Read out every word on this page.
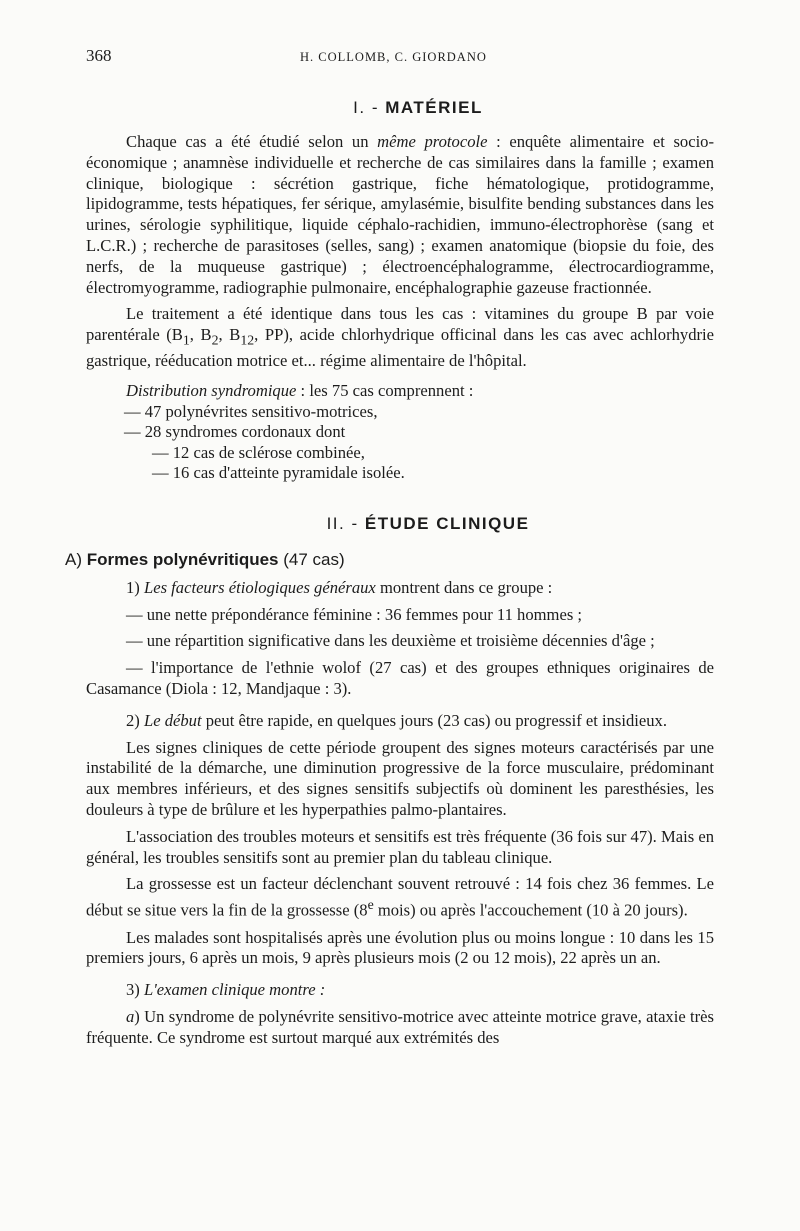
368	H. COLLOMB, C. GIORDANO
I. - MATÉRIEL

Chaque cas a été étudié selon un même protocole : enquête alimentaire et socio-économique ; anamnèse individuelle et recherche de cas similaires dans la famille ; examen clinique, biologique : sécrétion gastrique, fiche hématologique, protidogramme, lipidogramme, tests hépatiques, fer sérique, amylasémie, bisulfite bending substances dans les urines, sérologie syphilitique, liquide céphalo-rachidien, immuno-électrophorèse (sang et L.C.R.) ; recherche de parasitoses (selles, sang) ; examen anatomique (biopsie du foie, des nerfs, de la muqueuse gastrique) ; électroencéphalogramme, électrocardiogramme, électromyogramme, radiographie pulmonaire, encéphalographie gazeuse fractionnée.

Le traitement a été identique dans tous les cas : vitamines du groupe B par voie parentérale ($B_1$, $B_2$, $B_{12}$, PP), acide chlorhydrique officinal dans les cas avec achlorhydrie gastrique, rééducation motrice et... régime alimentaire de l'hôpital.

Distribution syndromique : les 75 cas comprennent :

— 47 polynévrites sensitivo-motrices,
— 28 syndromes cordonaux dont
— 12 cas de sclérose combinée,
— 16 cas d'atteinte pyramidale isolée.
II. - ÉTUDE CLINIQUE
A) Formes polynévritiques (47 cas)

1) Les facteurs étiologiques généraux montrent dans ce groupe :

— une nette prépondérance féminine : 36 femmes pour 11 hommes ;

— une répartition significative dans les deuxième et troisième décennies d'âge ;

— l'importance de l'ethnie wolof (27 cas) et des groupes ethniques originaires de Casamance (Diola : 12, Mandjaque : 3).

2) Le début peut être rapide, en quelques jours (23 cas) ou progressif et insidieux.

Les signes cliniques de cette période groupent des signes moteurs caractérisés par une instabilité de la démarche, une diminution progressive de la force musculaire, prédominant aux membres inférieurs, et des signes sensitifs subjectifs où dominent les paresthésies, les douleurs à type de brûlure et les hyperpathies palmo-plantaires.

L'association des troubles moteurs et sensitifs est très fréquente (36 fois sur 47). Mais en général, les troubles sensitifs sont au premier plan du tableau clinique.

La grossesse est un facteur déclenchant souvent retrouvé : 14 fois chez 36 femmes. Le début se situe vers la fin de la grossesse (8e mois) ou après l'accouchement (10 à 20 jours).

Les malades sont hospitalisés après une évolution plus ou moins longue : 10 dans les 15 premiers jours, 6 après un mois, 9 après plusieurs mois (2 ou 12 mois), 22 après un an.

3) L'examen clinique montre :

a) Un syndrome de polynévrite sensitivo-motrice avec atteinte motrice grave, ataxie très fréquente. Ce syndrome est surtout marqué aux extrémités des
